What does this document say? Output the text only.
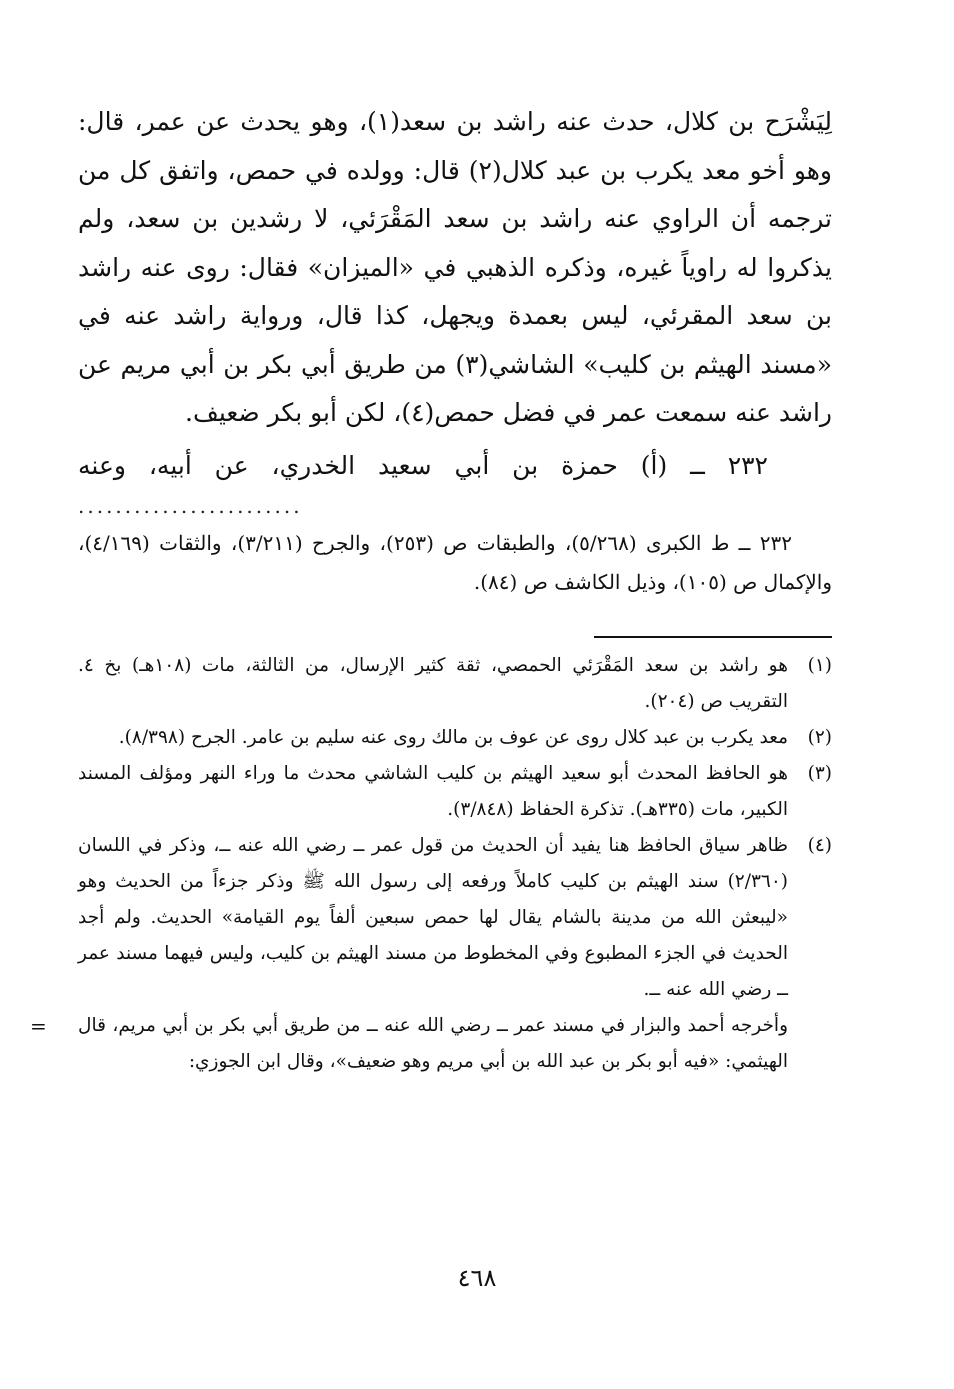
لِيَشْرَح بن كلال، حدث عنه راشد بن سعد(١)، وهو يحدث عن عمر، قال: وهو أخو معد يكرب بن عبد كلال(٢) قال: وولده في حمص، واتفق كل من ترجمه أن الراوي عنه راشد بن سعد المَقْرَئي، لا رشدين بن سعد، ولم يذكروا له راوياً غيره، وذكره الذهبي في «الميزان» فقال: روى عنه راشد بن سعد المقرئي، ليس بعمدة ويجهل، كذا قال، ورواية راشد عنه في «مسند الهيثم بن كليب» الشاشي(٣) من طريق أبي بكر بن أبي مريم عن راشد عنه سمعت عمر في فضل حمص(٤)، لكن أبو بكر ضعيف.

٢٣٢ ــ (أ) حمزة بن أبي سعيد الخدري، عن أبيه، وعنه

........................

٢٣٢ ــ ط الكبرى (٥/٢٦٨)، والطبقات ص (٢٥٣)، والجرح (٣/٢١١)، والثقات (٤/١٦٩)، والإكمال ص (١٠٥)، وذيل الكاشف ص (٨٤).

(١)
هو راشد بن سعد المَقْرَئي الحمصي، ثقة كثير الإرسال، من الثالثة، مات (١٠٨هـ) بخ ٤. التقريب ص (٢٠٤).
(٢)
معد يكرب بن عبد كلال روى عن عوف بن مالك روى عنه سليم بن عامر. الجرح (٨/٣٩٨).
(٣)
هو الحافظ المحدث أبو سعيد الهيثم بن كليب الشاشي محدث ما وراء النهر ومؤلف المسند الكبير، مات (٣٣٥هـ). تذكرة الحفاظ (٣/٨٤٨).
(٤)
ظاهر سياق الحافظ هنا يفيد أن الحديث من قول عمر ــ رضي الله عنه ــ، وذكر في اللسان (٢/٣٦٠) سند الهيثم بن كليب كاملاً ورفعه إلى رسول الله ﷺ وذكر جزءاً من الحديث وهو «ليبعثن الله من مدينة بالشام يقال لها حمص سبعين ألفاً يوم القيامة» الحديث. ولم أجد الحديث في الجزء المطبوع وفي المخطوط من مسند الهيثم بن كليب، وليس فيهما مسند عمر ــ رضي الله عنه ــ.
وأخرجه أحمد والبزار في مسند عمر ــ رضي الله عنه ــ من طريق أبي بكر بن أبي مريم، قال الهيثمي: «فيه أبو بكر بن عبد الله بن أبي مريم وهو ضعيف»، وقال ابن الجوزي:
=
٤٦٨
